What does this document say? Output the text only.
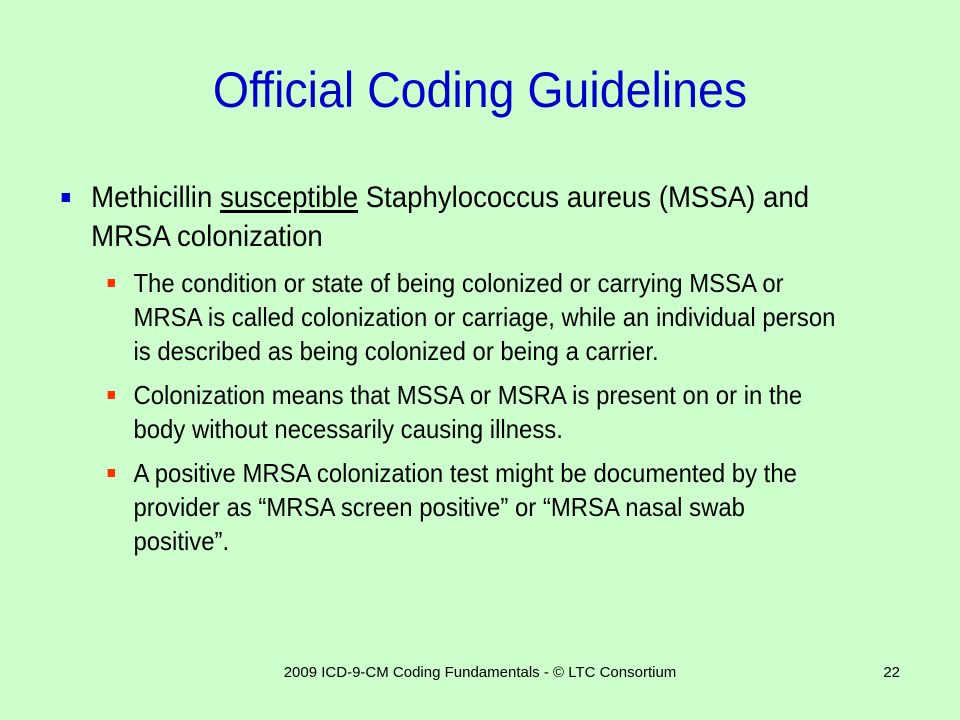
Official Coding Guidelines
Methicillin susceptible Staphylococcus aureus (MSSA) and MRSA colonization
The condition or state of being colonized or carrying MSSA or MRSA is called colonization or carriage, while an individual person is described as being colonized or being a carrier.
Colonization means that MSSA or MSRA is present on or in the body without necessarily causing illness.
A positive MRSA colonization test might be documented by the provider as “MRSA screen positive” or “MRSA nasal swab positive”.
2009 ICD-9-CM Coding Fundamentals - © LTC Consortium	22
